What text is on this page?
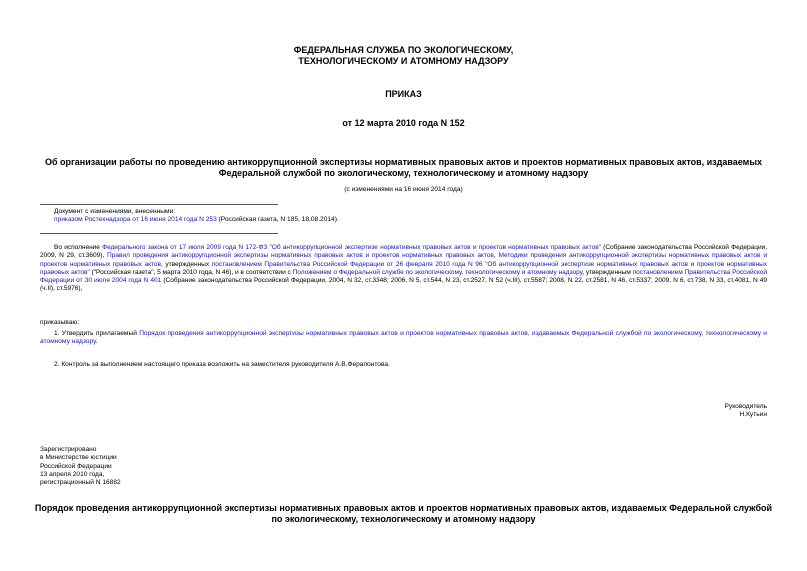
ФЕДЕРАЛЬНАЯ СЛУЖБА ПО ЭКОЛОГИЧЕСКОМУ,
ТЕХНОЛОГИЧЕСКОМУ И АТОМНОМУ НАДЗОРУ
ПРИКАЗ
от 12 марта 2010 года N 152
Об организации работы по проведению антикоррупционной экспертизы нормативных правовых актов и проектов нормативных правовых актов, издаваемых
Федеральной службой по экологическому, технологическому и атомному надзору
(с изменениями на 16 июня 2014 года)
Документ с изменениями, внесенными:
приказом Ростехнадзора от 16 июня 2014 года N 253 (Российская газета, N 185, 18.08.2014).
Во исполнение Федерального закона от 17 июля 2009 года N 172-ФЗ "Об антикоррупционной экспертизе нормативных правовых актов и проектов нормативных правовых актов" (Собрание законодательства Российской Федерации, 2009, N 29, ст.3609), Правил проведения антикоррупционной экспертизы нормативных правовых актов и проектов нормативных правовых актов, Методики проведения антикоррупционной экспертизы нормативных правовых актов и проектов нормативных правовых актов, утвержденных постановлением Правительства Российской Федерации от 26 февраля 2010 года N 96 "Об антикоррупционной экспертизе нормативных правовых актов и проектов нормативных правовых актов" ("Российская газета", 5 марта 2010 года, N 46), и в соответствии с Положением о Федеральной службе по экологическому, технологическому и атомному надзору, утвержденным постановлением Правительства Российской Федерации от 30 июля 2004 года N 401 (Собрание законодательства Российской Федерации, 2004, N 32, ст.3348; 2006, N 5, ст.544, N 23, ст.2527, N 52 (ч.III), ст.5587; 2008, N 22, ст.2581, N 46, ст.5337; 2009, N 6, ст.738, N 33, ст.4081, N 49 (ч.II), ст.5976),
приказываю:
1. Утвердить прилагаемый Порядок проведения антикоррупционной экспертизы нормативных правовых актов и проектов нормативных правовых актов, издаваемых Федеральной службой по экологическому, технологическому и атомному надзору.
2. Контроль за выполнением настоящего приказа возложить на заместителя руководителя А.В.Ферапонтова.
Руководитель
Н.Кутьин
Зарегистрировано
в Министерстве юстиции
Российской Федерации
13 апреля 2010 года,
регистрационный N 16882
Порядок проведения антикоррупционной экспертизы нормативных правовых актов и проектов нормативных правовых актов, издаваемых Федеральной службой
по экологическому, технологическому и атомному надзору
